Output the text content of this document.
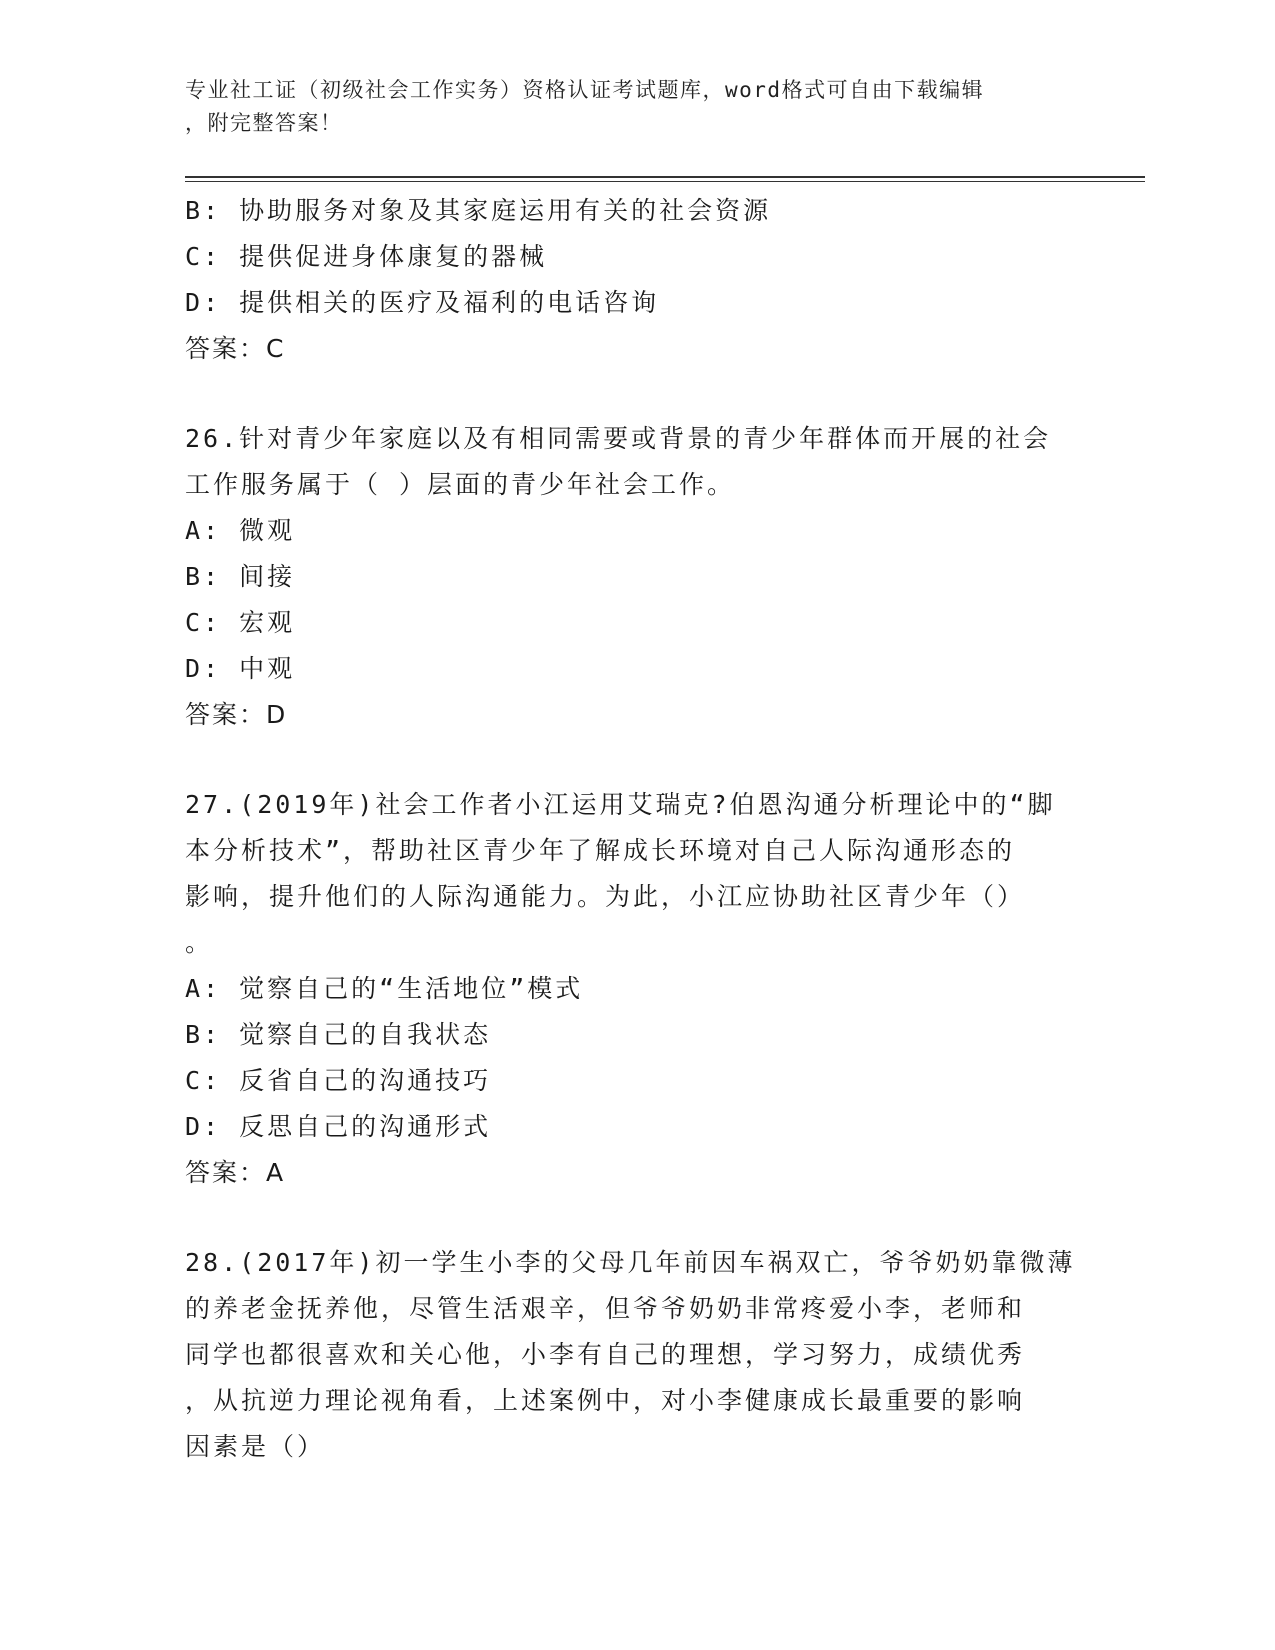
专业社工证（初级社会工作实务）资格认证考试题库，word格式可自由下载编辑
，附完整答案！
B: 协助服务对象及其家庭运用有关的社会资源
C: 提供促进身体康复的器械
D: 提供相关的医疗及福利的电话咨询
答案：C
26.针对青少年家庭以及有相同需要或背景的青少年群体而开展的社会
工作服务属于（ ）层面的青少年社会工作。
A: 微观
B: 间接
C: 宏观
D: 中观
答案：D
27.(2019年)社会工作者小江运用艾瑞克?伯恩沟通分析理论中的“脚
本分析技术”，帮助社区青少年了解成长环境对自己人际沟通形态的
影响，提升他们的人际沟通能力。为此，小江应协助社区青少年（）
。
A: 觉察自己的“生活地位”模式
B: 觉察自己的自我状态
C: 反省自己的沟通技巧
D: 反思自己的沟通形式
答案：A
28.(2017年)初一学生小李的父母几年前因车祸双亡，爷爷奶奶靠微薄
的养老金抚养他，尽管生活艰辛，但爷爷奶奶非常疼爱小李，老师和
同学也都很喜欢和关心他，小李有自己的理想，学习努力，成绩优秀
，从抗逆力理论视角看，上述案例中，对小李健康成长最重要的影响
因素是（）
